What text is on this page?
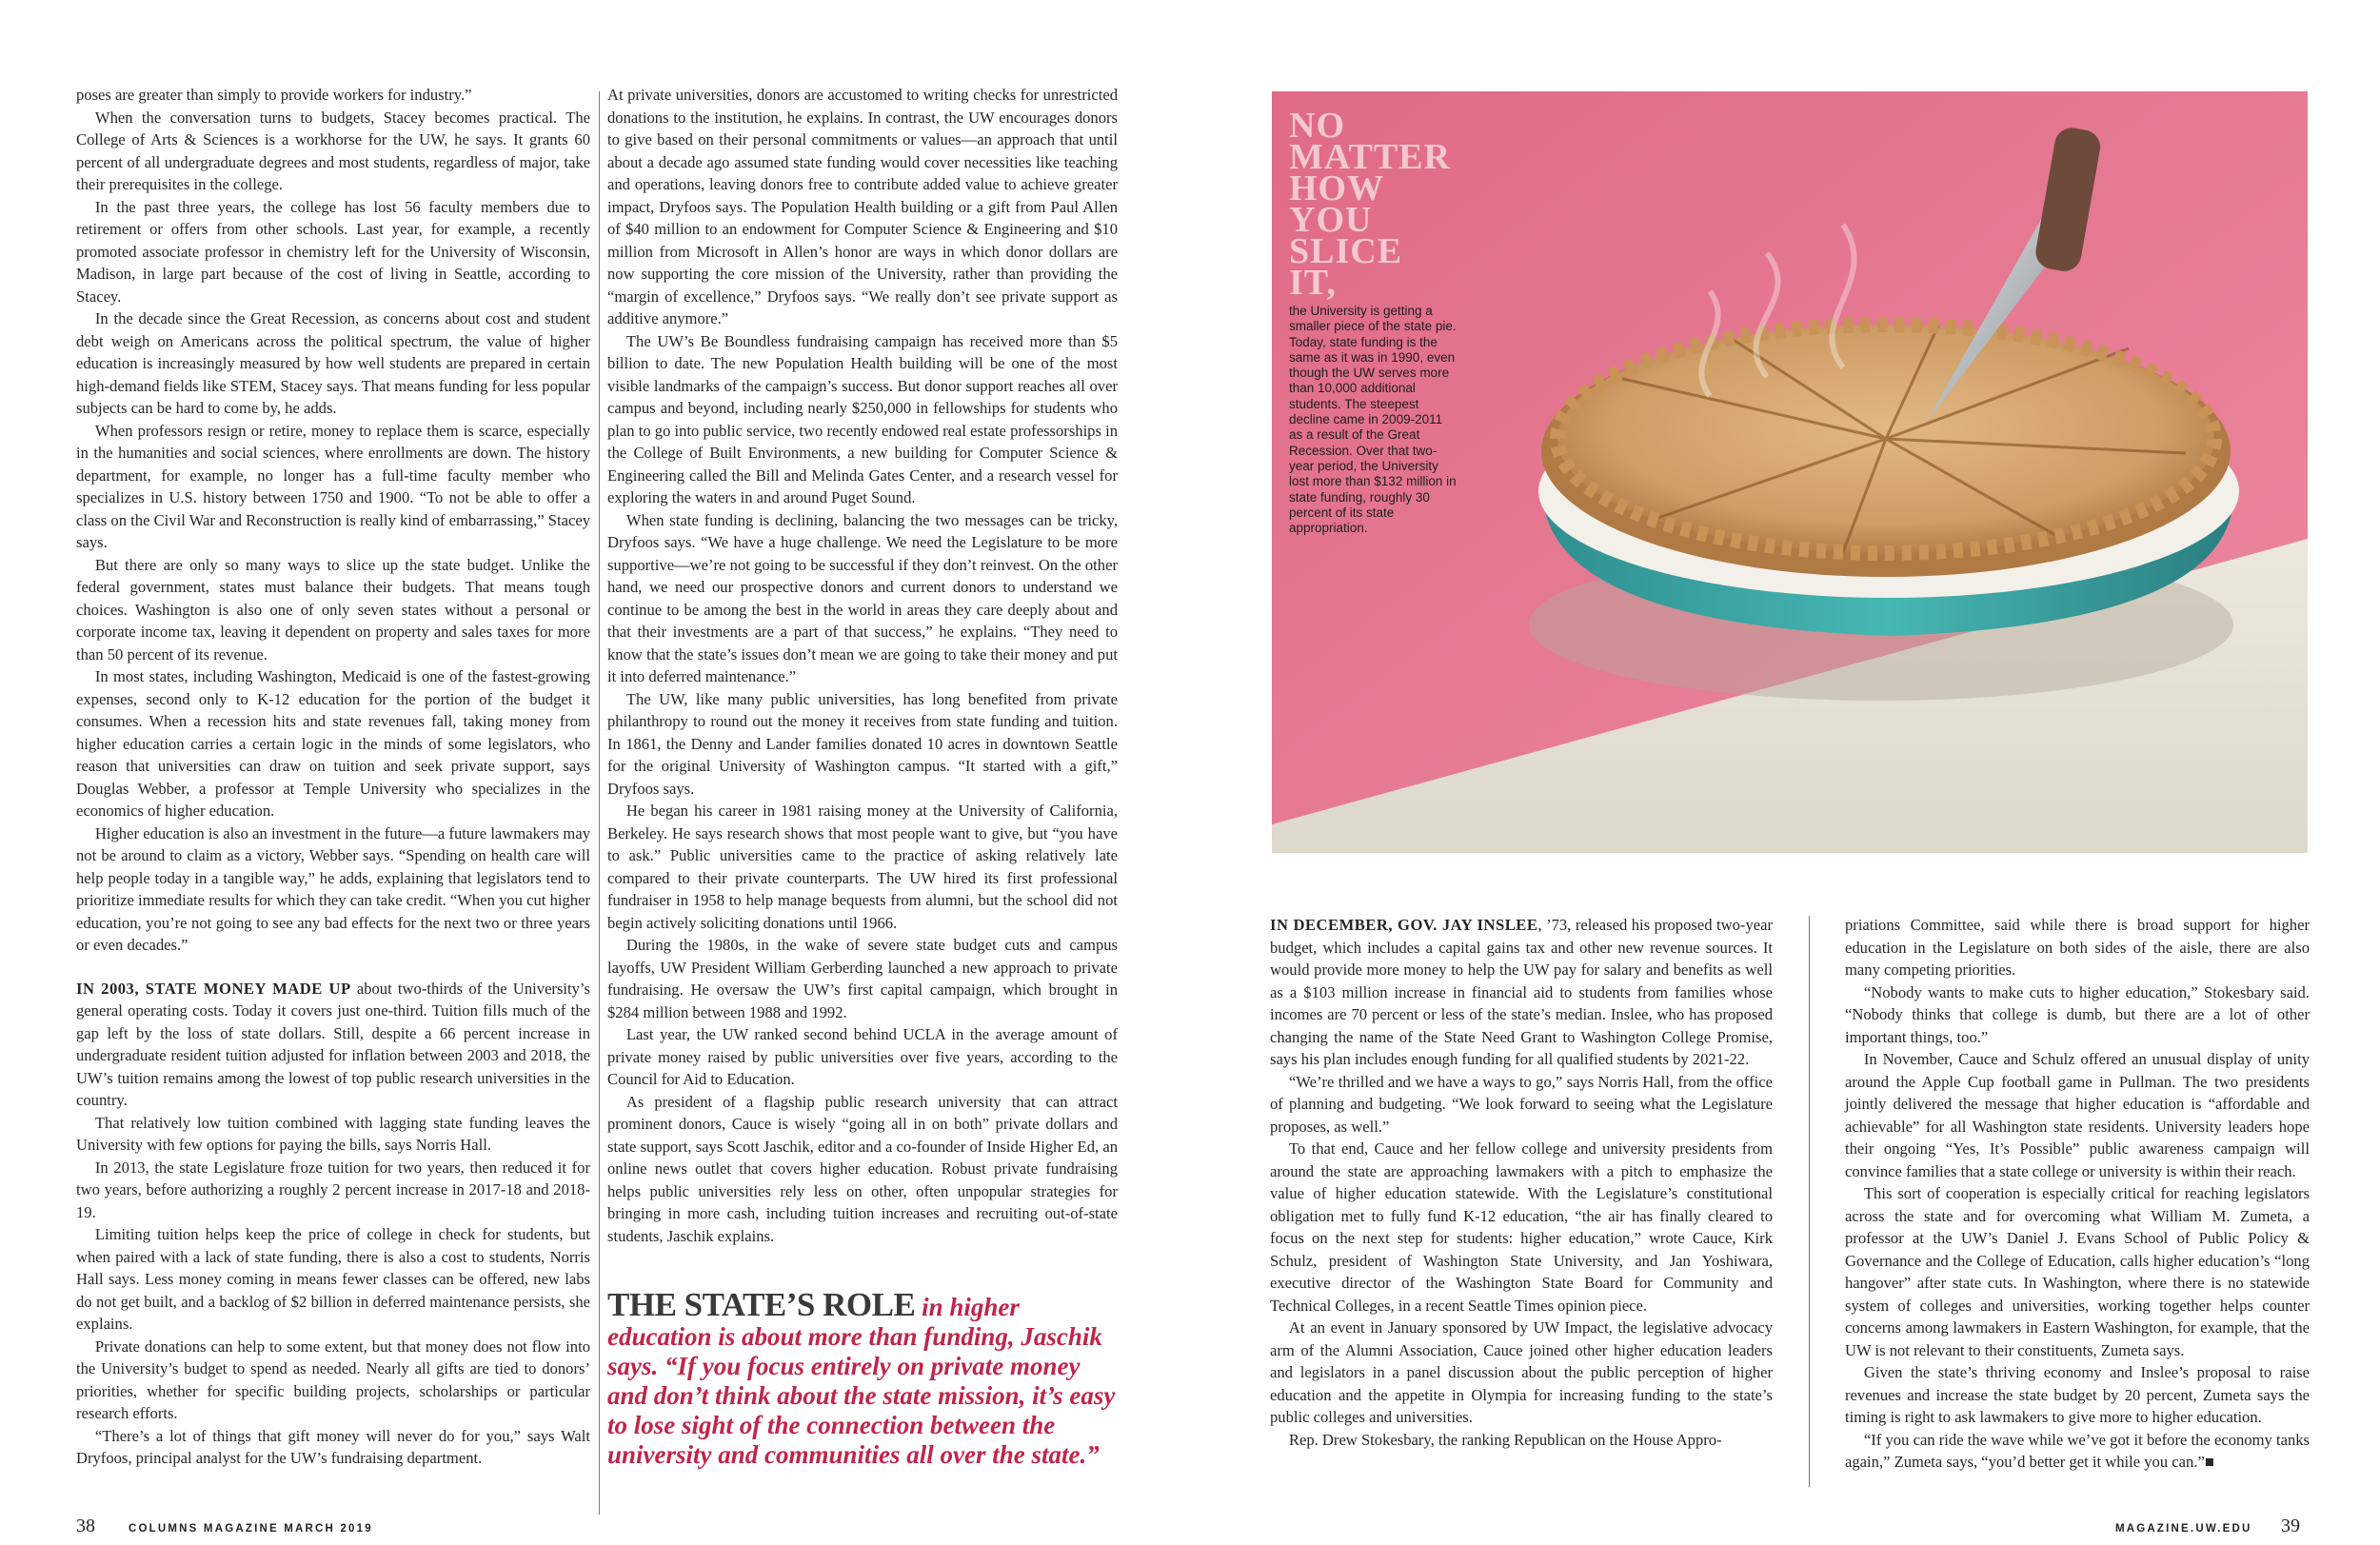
poses are greater than simply to provide workers for industry.”

When the conversation turns to budgets, Stacey becomes practical. The College of Arts & Sciences is a workhorse for the UW, he says. It grants 60 percent of all undergraduate degrees and most students, regardless of major, take their prerequisites in the college.

In the past three years, the college has lost 56 faculty members due to retirement or offers from other schools. Last year, for example, a recently promoted associate professor in chemistry left for the University of Wisconsin, Madison, in large part because of the cost of living in Seattle, according to Stacey.

In the decade since the Great Recession, as concerns about cost and student debt weigh on Americans across the political spectrum, the value of higher education is increasingly measured by how well students are prepared in certain high-demand fields like STEM, Stacey says. That means funding for less popular subjects can be hard to come by, he adds.

When professors resign or retire, money to replace them is scarce, especially in the humanities and social sciences, where enrollments are down. The history department, for example, no longer has a full-time faculty member who specializes in U.S. history between 1750 and 1900. “To not be able to offer a class on the Civil War and Reconstruction is really kind of embarrassing,” Stacey says.

But there are only so many ways to slice up the state budget. Unlike the federal government, states must balance their budgets. That means tough choices. Washington is also one of only seven states without a personal or corporate income tax, leaving it dependent on property and sales taxes for more than 50 percent of its revenue.

In most states, including Washington, Medicaid is one of the fastest-growing expenses, second only to K-12 education for the portion of the budget it consumes. When a recession hits and state revenues fall, taking money from higher education carries a certain logic in the minds of some legislators, who reason that universities can draw on tuition and seek private support, says Douglas Webber, a professor at Temple University who specializes in the economics of higher education.

Higher education is also an investment in the future—a future lawmakers may not be around to claim as a victory, Webber says. “Spending on health care will help people today in a tangible way,” he adds, explaining that legislators tend to prioritize immediate results for which they can take credit. “When you cut higher education, you’re not going to see any bad effects for the next two or three years or even decades.”

IN 2003, STATE MONEY MADE UP about two-thirds of the University’s general operating costs. Today it covers just one-third. Tuition fills much of the gap left by the loss of state dollars. Still, despite a 66 percent increase in undergraduate resident tuition adjusted for inflation between 2003 and 2018, the UW’s tuition remains among the lowest of top public research universities in the country.

That relatively low tuition combined with lagging state funding leaves the University with few options for paying the bills, says Norris Hall.

In 2013, the state Legislature froze tuition for two years, then reduced it for two years, before authorizing a roughly 2 percent increase in 2017-18 and 2018-19.

Limiting tuition helps keep the price of college in check for students, but when paired with a lack of state funding, there is also a cost to students, Norris Hall says. Less money coming in means fewer classes can be offered, new labs do not get built, and a backlog of $2 billion in deferred maintenance persists, she explains.

Private donations can help to some extent, but that money does not flow into the University’s budget to spend as needed. Nearly all gifts are tied to donors’ priorities, whether for specific building projects, scholarships or particular research efforts.

“There’s a lot of things that gift money will never do for you,” says Walt Dryfoos, principal analyst for the UW’s fundraising department.

At private universities, donors are accustomed to writing checks for unrestricted donations to the institution, he explains. In contrast, the UW encourages donors to give based on their personal commitments or values—an approach that until about a decade ago assumed state funding would cover necessities like teaching and operations, leaving donors free to contribute added value to achieve greater impact, Dryfoos says. The Population Health building or a gift from Paul Allen of $40 million to an endowment for Computer Science & Engineering and $10 million from Microsoft in Allen’s honor are ways in which donor dollars are now supporting the core mission of the University, rather than providing the “margin of excellence,” Dryfoos says. “We really don’t see private support as additive anymore.”

The UW’s Be Boundless fundraising campaign has received more than $5 billion to date. The new Population Health building will be one of the most visible landmarks of the campaign’s success. But donor support reaches all over campus and beyond, including nearly $250,000 in fellowships for students who plan to go into public service, two recently endowed real estate professorships in the College of Built Environments, a new building for Computer Science & Engineering called the Bill and Melinda Gates Center, and a research vessel for exploring the waters in and around Puget Sound.

When state funding is declining, balancing the two messages can be tricky, Dryfoos says. “We have a huge challenge. We need the Legislature to be more supportive—we’re not going to be successful if they don’t reinvest. On the other hand, we need our prospective donors and current donors to understand we continue to be among the best in the world in areas they care deeply about and that their investments are a part of that success,” he explains. “They need to know that the state’s issues don’t mean we are going to take their money and put it into deferred maintenance.”

The UW, like many public universities, has long benefited from private philanthropy to round out the money it receives from state funding and tuition. In 1861, the Denny and Lander families donated 10 acres in downtown Seattle for the original University of Washington campus. “It started with a gift,” Dryfoos says.

He began his career in 1981 raising money at the University of California, Berkeley. He says research shows that most people want to give, but “you have to ask.” Public universities came to the practice of asking relatively late compared to their private counterparts. The UW hired its first professional fundraiser in 1958 to help manage bequests from alumni, but the school did not begin actively soliciting donations until 1966.

During the 1980s, in the wake of severe state budget cuts and campus layoffs, UW President William Gerberding launched a new approach to private fundraising. He oversaw the UW’s first capital campaign, which brought in $284 million between 1988 and 1992.

Last year, the UW ranked second behind UCLA in the average amount of private money raised by public universities over five years, according to the Council for Aid to Education.

As president of a flagship public research university that can attract prominent donors, Cauce is wisely “going all in on both” private dollars and state support, says Scott Jaschik, editor and a co-founder of Inside Higher Ed, an online news outlet that covers higher education. Robust private fundraising helps public universities rely less on other, often unpopular strategies for bringing in more cash, including tuition increases and recruiting out-of-state students, Jaschik explains.

THE STATE’S ROLE in higher education is about more than funding, Jaschik says. “If you focus entirely on private money and don’t think about the state mission, it’s easy to lose sight of the connection between the university and communities all over the state.”
38	COLUMNS MAGAZINE MARCH 2019
NO
MATTER
HOW
YOU
SLICE
IT,
the University is getting a smaller piece of the state pie. Today, state funding is the same as it was in 1990, even though the UW serves more than 10,000 additional students. The steepest decline came in 2009-2011 as a result of the Great Recession. Over that two-year period, the University lost more than $132 million in state funding, roughly 30 percent of its state appropriation.

IN DECEMBER, GOV. JAY INSLEE, ’73, released his proposed two-year budget, which includes a capital gains tax and other new revenue sources. It would provide more money to help the UW pay for salary and benefits as well as a $103 million increase in financial aid to students from families whose incomes are 70 percent or less of the state’s median. Inslee, who has proposed changing the name of the State Need Grant to Washington College Promise, says his plan includes enough funding for all qualified students by 2021-22.

“We’re thrilled and we have a ways to go,” says Norris Hall, from the office of planning and budgeting. “We look forward to seeing what the Legislature proposes, as well.”

To that end, Cauce and her fellow college and university presidents from around the state are approaching lawmakers with a pitch to emphasize the value of higher education statewide. With the Legislature’s constitutional obligation met to fully fund K-12 education, “the air has finally cleared to focus on the next step for students: higher education,” wrote Cauce, Kirk Schulz, president of Washington State University, and Jan Yoshiwara, executive director of the Washington State Board for Community and Technical Colleges, in a recent Seattle Times opinion piece.

At an event in January sponsored by UW Impact, the legislative advocacy arm of the Alumni Association, Cauce joined other higher education leaders and legislators in a panel discussion about the public perception of higher education and the appetite in Olympia for increasing funding to the state’s public colleges and universities.

Rep. Drew Stokesbary, the ranking Republican on the House Appro-

priations Committee, said while there is broad support for higher education in the Legislature on both sides of the aisle, there are also many competing priorities.

“Nobody wants to make cuts to higher education,” Stokesbary said. “Nobody thinks that college is dumb, but there are a lot of other important things, too.”

In November, Cauce and Schulz offered an unusual display of unity around the Apple Cup football game in Pullman. The two presidents jointly delivered the message that higher education is “affordable and achievable” for all Washington state residents. University leaders hope their ongoing “Yes, It’s Possible” public awareness campaign will convince families that a state college or university is within their reach.

This sort of cooperation is especially critical for reaching legislators across the state and for overcoming what William M. Zumeta, a professor at the UW’s Daniel J. Evans School of Public Policy & Governance and the College of Education, calls higher education’s “long hangover” after state cuts. In Washington, where there is no statewide system of colleges and universities, working together helps counter concerns among lawmakers in Eastern Washington, for example, that the UW is not relevant to their constituents, Zumeta says.

Given the state’s thriving economy and Inslee’s proposal to raise revenues and increase the state budget by 20 percent, Zumeta says the timing is right to ask lawmakers to give more to higher education.

“If you can ride the wave while we’ve got it before the economy tanks again,” Zumeta says, “you’d better get it while you can.”■

MAGAZINE.UW.EDU 39
